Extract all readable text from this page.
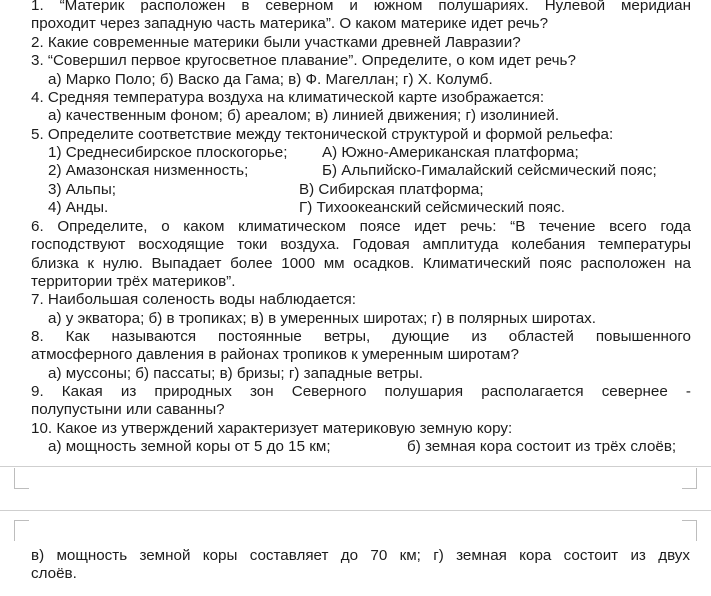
1. “Материк расположен в северном и южном полушариях. Нулевой меридиан
проходит через западную часть материка”. О каком материке идет речь?
2. Какие современные материки были участками древней Лавразии?
3. “Совершил первое кругосветное плавание”. Определите, о ком идет речь?
а) Марко Поло; б) Васко да Гама; в) Ф. Магеллан; г) Х. Колумб.
4. Средняя температура воздуха на климатической карте изображается:
а) качественным фоном; б) ареалом; в) линией движения; г) изолинией.
5. Определите соответствие между тектонической структурой и формой рельефа:
1) Среднесибирское плоскогорье;	А) Южно-Американская платформа;
2) Амазонская низменность;	Б) Альпийско-Гималайский сейсмический пояс;
3) Альпы;	В) Сибирская платформа;
4) Анды.	Г) Тихоокеанский сейсмический пояс.
6. Определите, о каком климатическом поясе идет речь: “В течение всего года
господствуют восходящие токи воздуха. Годовая амплитуда колебания температуры
близка к нулю. Выпадает более 1000 мм осадков. Климатический пояс расположен на
территории трёх материков”.
7. Наибольшая соленость воды наблюдается:
а) у экватора; б) в тропиках; в) в умеренных широтах; г) в полярных широтах.
8. Как называются постоянные ветры, дующие из областей повышенного
атмосферного давления в районах тропиков к умеренным широтам?
а) муссоны; б) пассаты; в) бризы; г) западные ветры.
9. Какая из природных зон Северного полушария располагается севернее -
полупустыни или саванны?
10. Какое из утверждений характеризует материковую земную кору:
а) мощность земной коры от 5 до 15 км;	б) земная кора состоит из трёх слоёв;
в) мощность земной коры составляет до 70 км; г) земная кора состоит из двух
слоёв.
